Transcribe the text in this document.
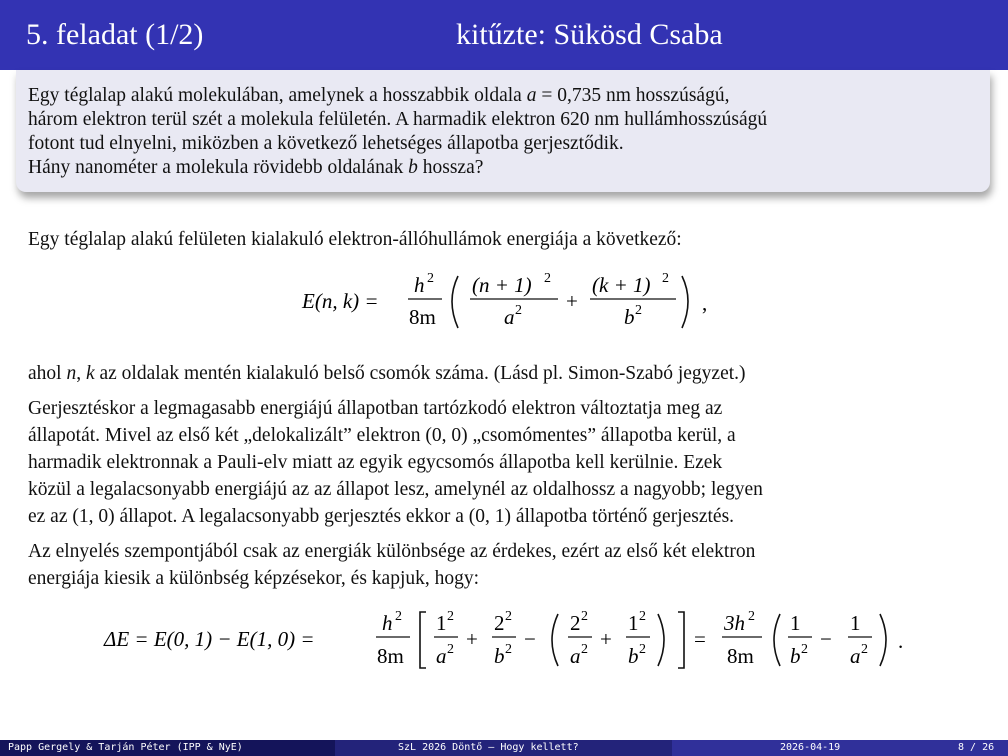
5. feladat (1/2)	kitűzte: Sükösd Csaba
Egy téglalap alakú molekulában, amelynek a hosszabbik oldala a = 0,735 nm hosszúságú,
három elektron terül szét a molekula felületén. A harmadik elektron 620 nm hullámhosszúságú
fotont tud elnyelni, miközben a következő lehetséges állapotba gerjesztődik.
Hány nanométer a molekula rövidebb oldalának b hossza?
Egy téglalap alakú felületen kialakuló elektron-állóhullámok energiája a következő:
E(n, k) =
h 2
8m
(n + 1) 2
a 2 +
(k + 1) 2
b 2	,
ahol n, k az oldalak mentén kialakuló belső csomók száma. (Lásd pl. Simon-Szabó jegyzet.)
Gerjesztéskor a legmagasabb energiájú állapotban tartózkodó elektron változtatja meg az
állapotát. Mivel az első két „delokalizált” elektron (0, 0) „csomómentes” állapotba kerül, a
harmadik elektronnak a Pauli-elv miatt az egyik egycsomós állapotba kell kerülnie. Ezek
közül a legalacsonyabb energiájú az az állapot lesz, amelynél az oldalhossz a nagyobb; legyen
ez az (1, 0) állapot. A legalacsonyabb gerjesztés ekkor a (0, 1) állapotba történő gerjesztés.
Az elnyelés szempontjából csak az energiák különbsége az érdekes, ezért az első két elektron
energiája kiesik a különbség képzésekor, és kapjuk, hogy:
ΔE = E(0, 1) − E(1, 0) =
h 2
8m
1 2
a 2 +
2 2
b 2 −
2 2
a 2 +
1 2
b 2 =
3h 2
8m
1
b 2 −
1
a 2 .
Papp Gergely & Tarján Péter (IPP & NyE)	SzL 2026 Döntő – Hogy kellett?	2026-04-19	8 / 26
